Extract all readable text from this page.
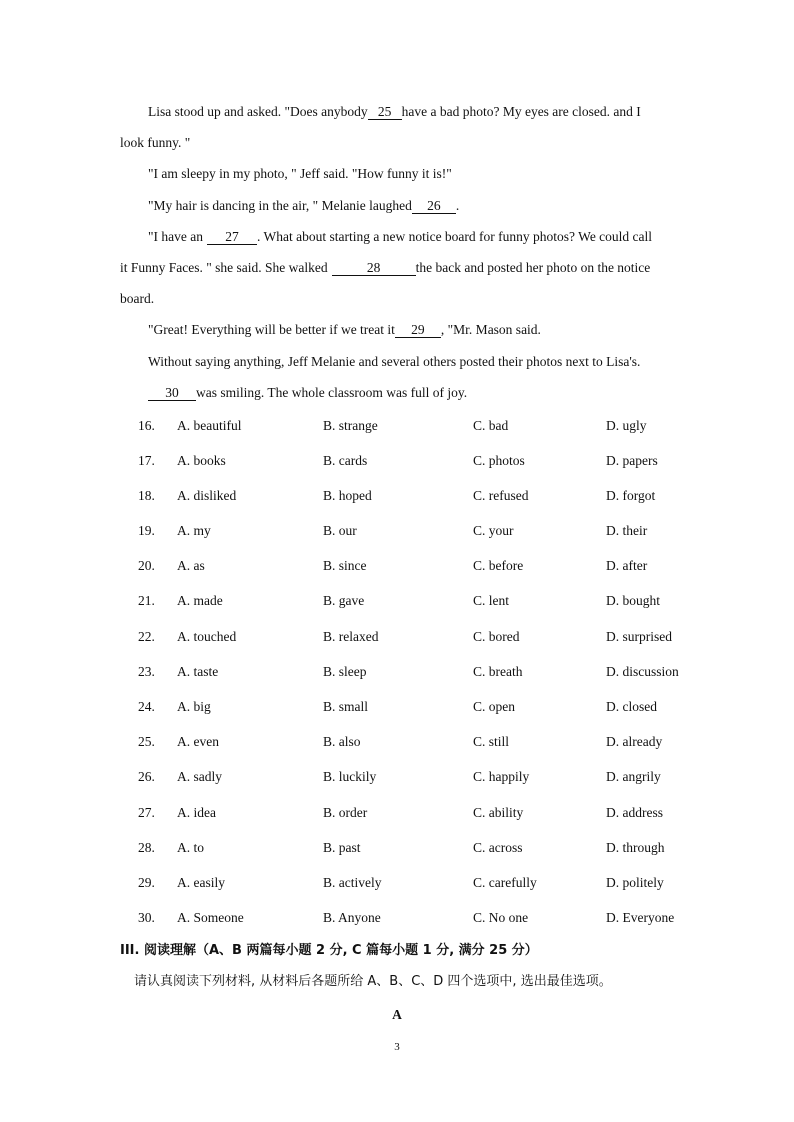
Lisa stood up and asked. "Does anybody 25 have a bad photo? My eyes are closed. and I
look funny. "
"I am sleepy in my photo, " Jeff said. "How funny it is!"
"My hair is dancing in the air, " Melanie laughed 26 .
"I have an 27 . What about starting a new notice board for funny photos? We could call
it Funny Faces. " she said. She walked	28	the back and posted her photo on the notice
board.
"Great! Everything will be better if we treat it 29 , "Mr. Mason said.
Without saying anything, Jeff Melanie and several others posted their photos next to Lisa's.
30 was smiling. The whole classroom was full of joy.
16. A. beautiful	B. strange	C. bad	D. ugly
17. A. books	B. cards	C. photos	D. papers
18. A. disliked	B. hoped	C. refused	D. forgot
19. A. my	B. our	C. your	D. their
20. A. as	B. since	C. before	D. after
21. A. made	B. gave	C. lent	D. bought
22. A. touched	B. relaxed	C. bored	D. surprised
23. A. taste	B. sleep	C. breath	D. discussion
24. A. big	B. small	C. open	D. closed
25. A. even	B. also	C. still	D. already
26. A. sadly	B. luckily	C. happily	D. angrily
27. A. idea	B. order	C. ability	D. address
28. A. to	B. past	C. across	D. through
29. A. easily	B. actively	C. carefully	D. politely
30. A. Someone	B. Anyone	C. No one	D. Everyone
III. 阅读理解（A、B 两篇每小题 2 分, C 篇每小题 1 分, 满分 25 分）
请认真阅读下列材料, 从材料后各题所给 A、B、C、D 四个选项中, 选出最佳选项。
A
3
